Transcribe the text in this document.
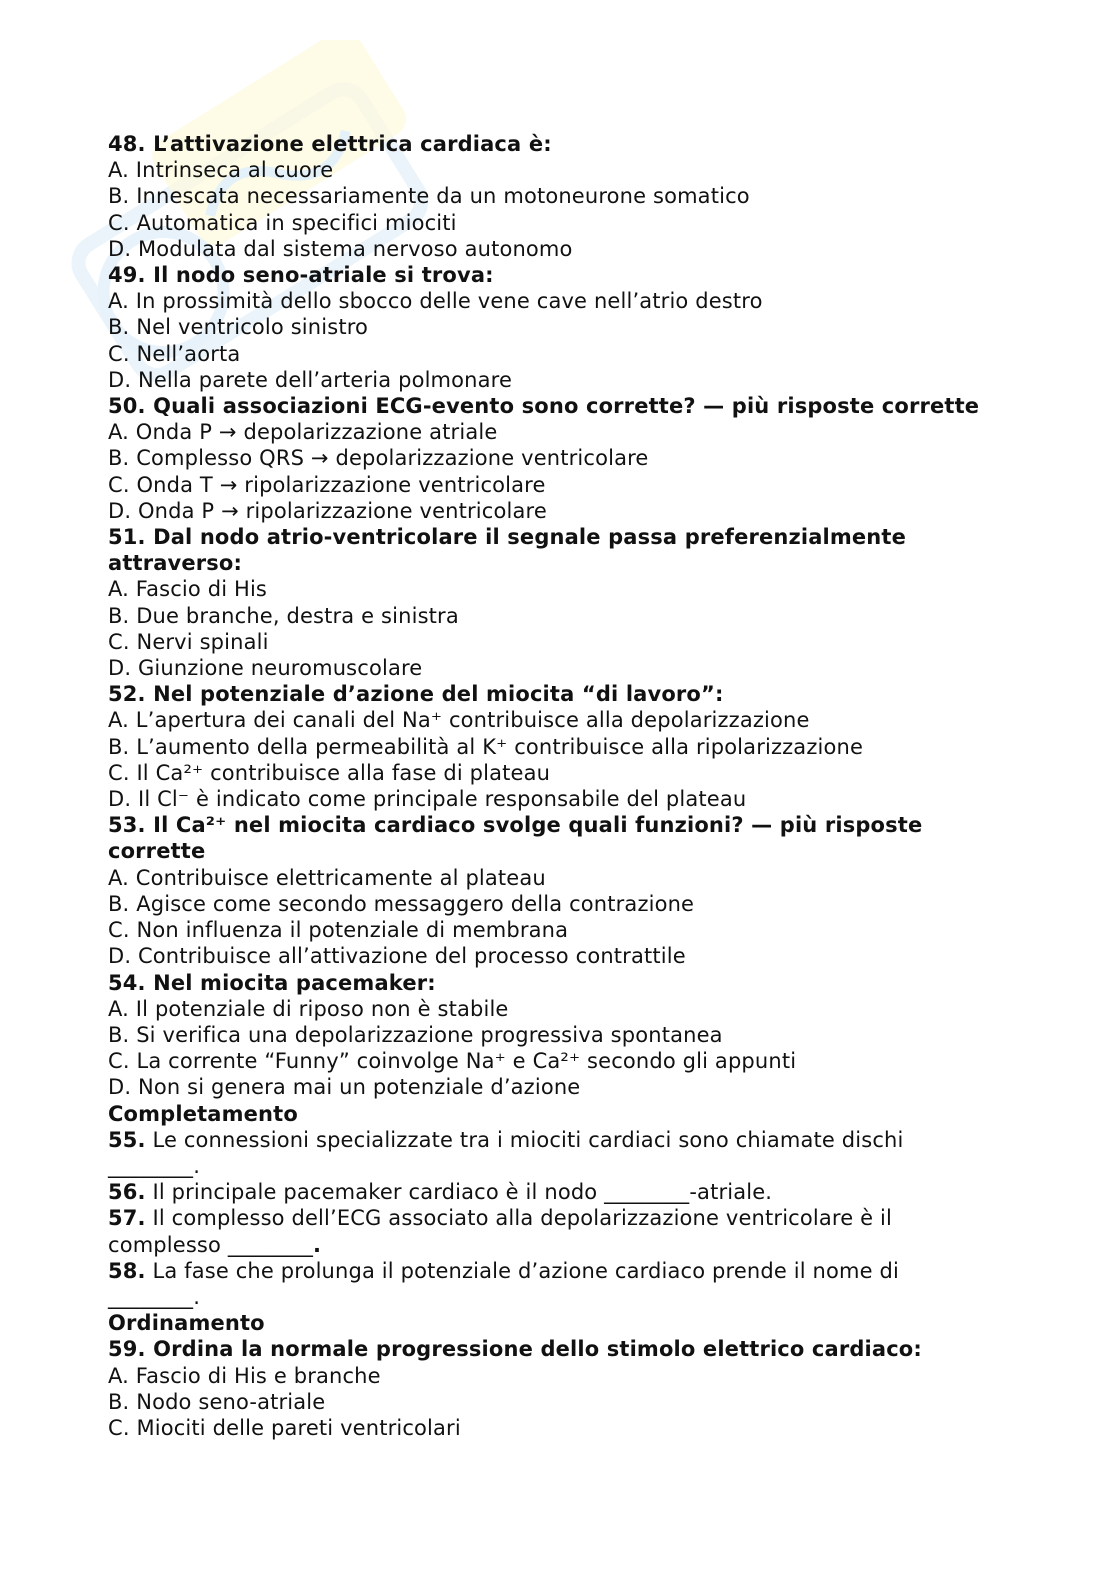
48. L’attivazione elettrica cardiaca è:

A. Intrinseca al cuore

B. Innescata necessariamente da un motoneurone somatico

C. Automatica in specifici miociti

D. Modulata dal sistema nervoso autonomo

49. Il nodo seno-atriale si trova:

A. In prossimità dello sbocco delle vene cave nell’atrio destro

B. Nel ventricolo sinistro

C. Nell’aorta

D. Nella parete dell’arteria polmonare

50. Quali associazioni ECG-evento sono corrette? — più risposte corrette

A. Onda P → depolarizzazione atriale

B. Complesso QRS → depolarizzazione ventricolare

C. Onda T → ripolarizzazione ventricolare

D. Onda P → ripolarizzazione ventricolare

51. Dal nodo atrio-ventricolare il segnale passa preferenzialmente attraverso:

A. Fascio di His

B. Due branche, destra e sinistra

C. Nervi spinali

D. Giunzione neuromuscolare

52. Nel potenziale d’azione del miocita “di lavoro”:

A. L’apertura dei canali del Na⁺ contribuisce alla depolarizzazione

B. L’aumento della permeabilità al K⁺ contribuisce alla ripolarizzazione

C. Il Ca²⁺ contribuisce alla fase di plateau

D. Il Cl⁻ è indicato come principale responsabile del plateau

53. Il Ca²⁺ nel miocita cardiaco svolge quali funzioni? — più risposte corrette

A. Contribuisce elettricamente al plateau

B. Agisce come secondo messaggero della contrazione

C. Non influenza il potenziale di membrana

D. Contribuisce all’attivazione del processo contrattile

54. Nel miocita pacemaker:

A. Il potenziale di riposo non è stabile

B. Si verifica una depolarizzazione progressiva spontanea

C. La corrente “Funny” coinvolge Na⁺ e Ca²⁺ secondo gli appunti

D. Non si genera mai un potenziale d’azione

Completamento

55. Le connessioni specializzate tra i miociti cardiaci sono chiamate dischi ________.

56. Il principale pacemaker cardiaco è il nodo ________-atriale.

57. Il complesso dell’ECG associato alla depolarizzazione ventricolare è il complesso ________.

58. La fase che prolunga il potenziale d’azione cardiaco prende il nome di ________.

Ordinamento

59. Ordina la normale progressione dello stimolo elettrico cardiaco:

A. Fascio di His e branche

B. Nodo seno-atriale

C. Miociti delle pareti ventricolari
